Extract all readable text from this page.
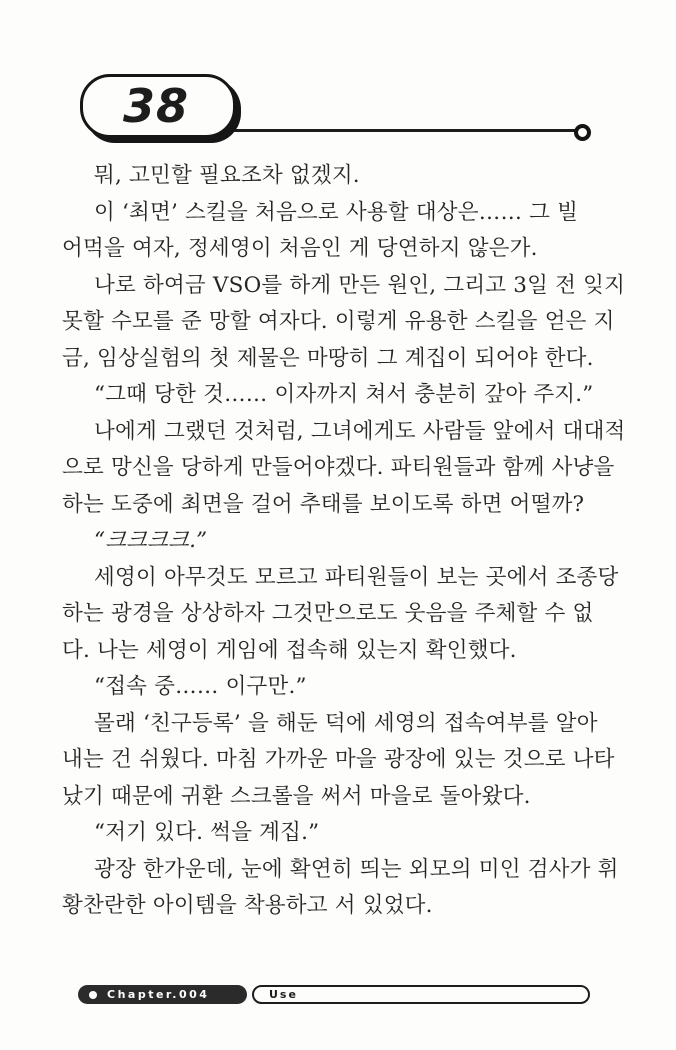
38
뭐, 고민할 필요조차 없겠지.
이 ‘최면’ 스킬을 처음으로 사용할 대상은…… 그 빌
어먹을 여자, 정세영이 처음인 게 당연하지 않은가.
나로 하여금 VSO를 하게 만든 원인, 그리고 3일 전 잊지
못할 수모를 준 망할 여자다. 이렇게 유용한 스킬을 얻은 지
금, 임상실험의 첫 제물은 마땅히 그 계집이 되어야 한다.
“그때 당한 것…… 이자까지 쳐서 충분히 갚아 주지.”
나에게 그랬던 것처럼, 그녀에게도 사람들 앞에서 대대적
으로 망신을 당하게 만들어야겠다. 파티원들과 함께 사냥을
하는 도중에 최면을 걸어 추태를 보이도록 하면 어떨까?
“크크크크.”
세영이 아무것도 모르고 파티원들이 보는 곳에서 조종당
하는 광경을 상상하자 그것만으로도 웃음을 주체할 수 없
다. 나는 세영이 게임에 접속해 있는지 확인했다.
“접속 중…… 이구만.”
몰래 ‘친구등록’ 을 해둔 덕에 세영의 접속여부를 알아
내는 건 쉬웠다. 마침 가까운 마을 광장에 있는 것으로 나타
났기 때문에 귀환 스크롤을 써서 마을로 돌아왔다.
“저기 있다. 썩을 계집.”
광장 한가운데, 눈에 확연히 띄는 외모의 미인 검사가 휘
황찬란한 아이템을 착용하고 서 있었다.
Chapter.004	Use
